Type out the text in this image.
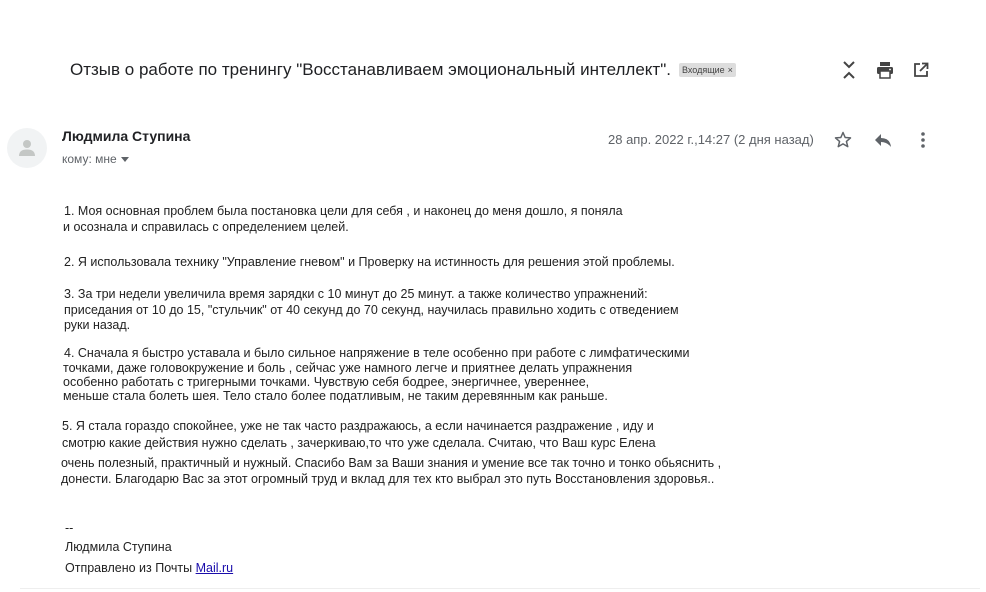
Отзыв о работе по тренингу "Восстанавливаем эмоциональный интеллект".	Входящие ×
Людмила Ступина
кому: мне
28 апр. 2022 г.,14:27 (2 дня назад)
1. Моя основная проблем была постановка цели для себя , и наконец до меня дошло, я поняла
и осознала и справилась с определением целей.
2. Я использовала технику "Управление гневом" и Проверку на истинность для решения этой проблемы.
3. За три недели увеличила время зарядки с 10 минут до 25 минут. а также количество упражнений:
приседания от 10 до 15, "стульчик" от 40 секунд до 70 секунд, научилась правильно ходить с отведением
руки назад.
4. Сначала я быстро уставала и было сильное напряжение в теле особенно при работе с лимфатическими
точками, даже головокружение и боль , сейчас уже намного легче и приятнее делать упражнения
особенно работать с тригерными точками. Чувствую себя бодрее, энергичнее, увереннее,
меньше стала болеть шея. Тело стало более податливым, не таким деревянным как раньше.
5. Я стала гораздо спокойнее, уже не так часто раздражаюсь, а если начинается раздражение , иду и
смотрю какие действия нужно сделать , зачеркиваю,то что уже сделала. Считаю, что Ваш курс Елена
очень полезный, практичный и нужный. Спасибо Вам за Ваши знания и умение все так точно и тонко обьяснить ,
донести. Благодарю Вас за этот огромный труд и вклад для тех кто выбрал это путь Восстановления здоровья..
--
Людмила Ступина
Отправлено из Почты Mail.ru
